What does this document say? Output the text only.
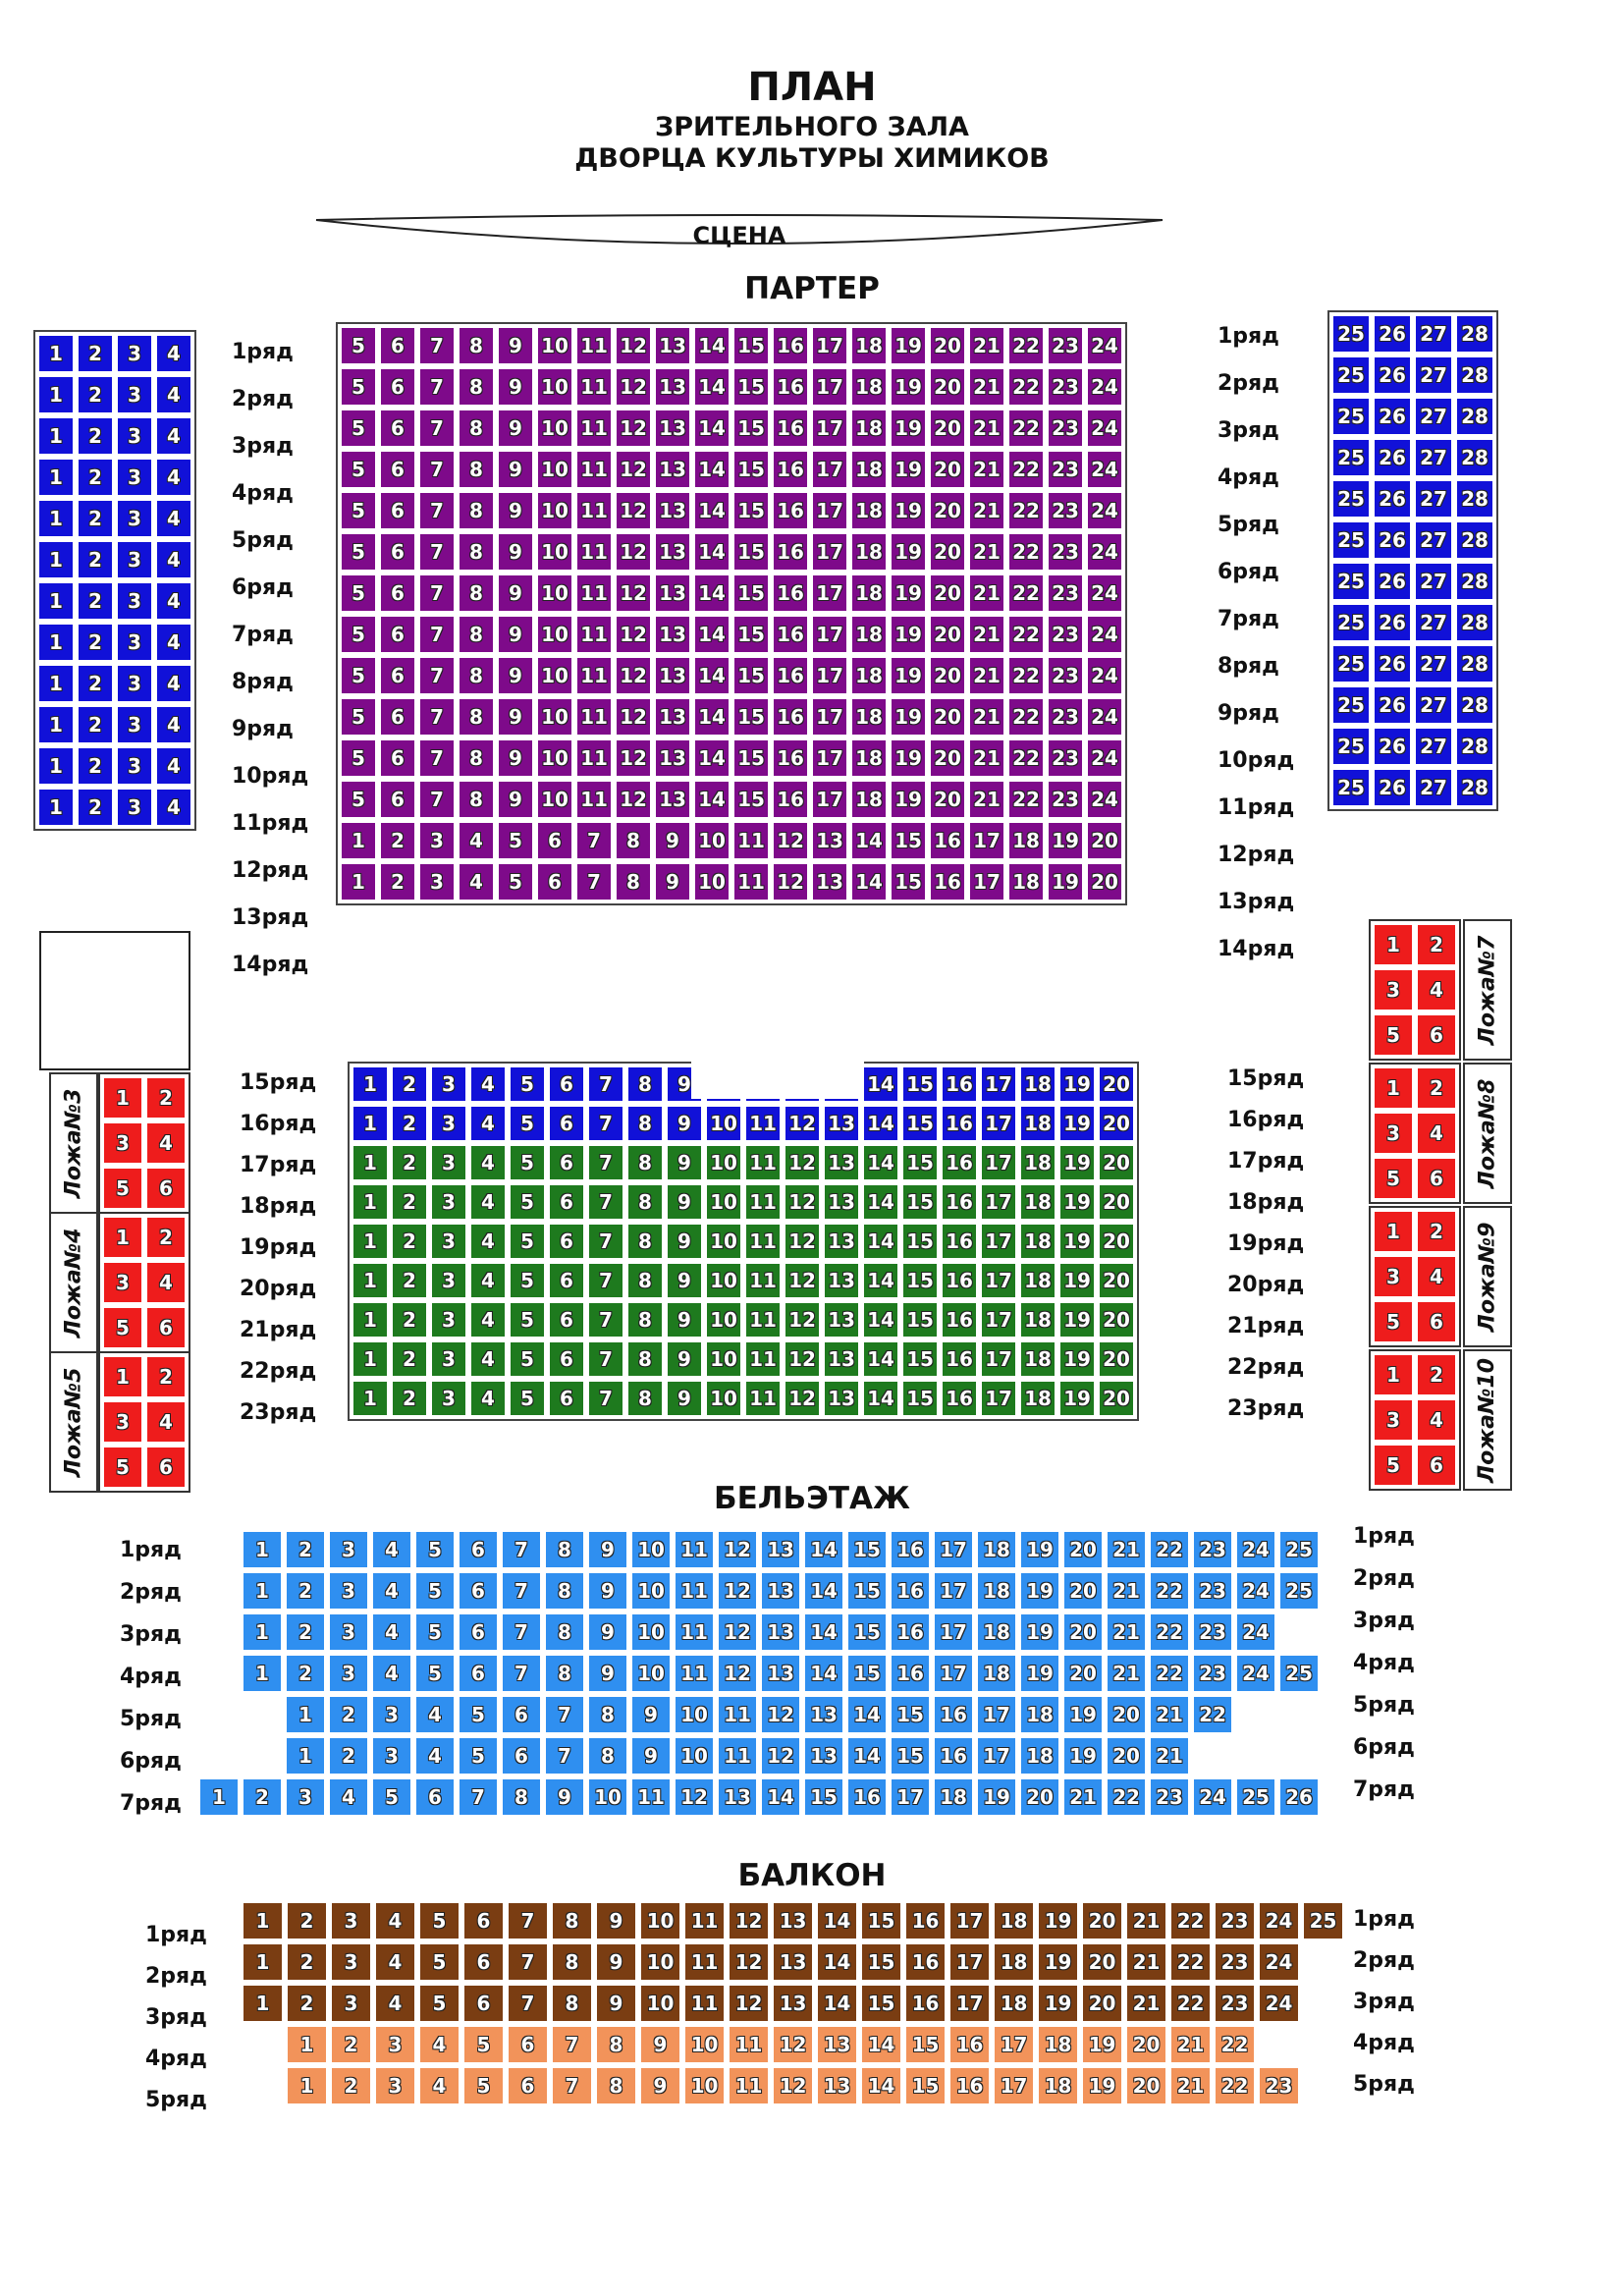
ПЛАН
ЗРИТЕЛЬНОГО ЗАЛА
ДВОРЦА КУЛЬТУРЫ ХИМИКОВ
СЦЕНА
ПАРТЕР
БЕЛЬЭТАЖ
БАЛКОН
1	2	3	4
1	2	3	4
1	2	3	4
1	2	3	4
1	2	3	4
1	2	3	4
1	2	3	4
1	2	3	4
1	2	3	4
1	2	3	4
1	2	3	4
1	2	3	4
25 26 27 28
25 26 27 28
25 26 27 28
25 26 27 28
25 26 27 28
25 26 27 28
25 26 27 28
25 26 27 28
25 26 27 28
25 26 27 28
25 26 27 28
25 26 27 28
5	6	7	8	9 10 11 12 13 14 15 16 17 18 19 20 21 22 23 24
5	6	7	8	9 10 11 12 13 14 15 16 17 18 19 20 21 22 23 24
5	6	7	8	9 10 11 12 13 14 15 16 17 18 19 20 21 22 23 24
5	6	7	8	9 10 11 12 13 14 15 16 17 18 19 20 21 22 23 24
5	6	7	8	9 10 11 12 13 14 15 16 17 18 19 20 21 22 23 24
5	6	7	8	9 10 11 12 13 14 15 16 17 18 19 20 21 22 23 24
5	6	7	8	9 10 11 12 13 14 15 16 17 18 19 20 21 22 23 24
5	6	7	8	9 10 11 12 13 14 15 16 17 18 19 20 21 22 23 24
5	6	7	8	9 10 11 12 13 14 15 16 17 18 19 20 21 22 23 24
5	6	7	8	9 10 11 12 13 14 15 16 17 18 19 20 21 22 23 24
5	6	7	8	9 10 11 12 13 14 15 16 17 18 19 20 21 22 23 24
5	6	7	8	9 10 11 12 13 14 15 16 17 18 19 20 21 22 23 24
1	2	3	4	5	6	7	8	9 10 11 12 13 14 15 16 17 18 19 20
1	2	3	4	5	6	7	8	9 10 11 12 13 14 15 16 17 18 19 20
1	2	3	4	5	6	7	8	9	14 15 16 17 18 19 20
1	2	3	4	5	6	7	8	9 10 11 12 13 14 15 16 17 18 19 20
1	2	3	4	5	6	7	8	9 10 11 12 13 14 15 16 17 18 19 20
1	2	3	4	5	6	7	8	9 10 11 12 13 14 15 16 17 18 19 20
1	2	3	4	5	6	7	8	9 10 11 12 13 14 15 16 17 18 19 20
1	2	3	4	5	6	7	8	9 10 11 12 13 14 15 16 17 18 19 20
1	2	3	4	5	6	7	8	9 10 11 12 13 14 15 16 17 18 19 20
1	2	3	4	5	6	7	8	9 10 11 12 13 14 15 16 17 18 19 20
1	2	3	4	5	6	7	8	9 10 11 12 13 14 15 16 17 18 19 20
1	2	3	4	5	6	7	8	9	10 11 12 13 14 15 16 17 18 19 20 21 22 23 24 25
1	2	3	4	5	6	7	8	9	10 11 12 13 14 15 16 17 18 19 20 21 22 23 24 25
1	2	3	4	5	6	7	8	9	10 11 12 13 14 15 16 17 18 19 20 21 22 23 24
1	2	3	4	5	6	7	8	9	10 11 12 13 14 15 16 17 18 19 20 21 22 23 24 25
1	2	3	4	5	6	7	8	9	10 11 12 13 14 15 16 17 18 19 20 21 22
1	2	3	4	5	6	7	8	9	10 11 12 13 14 15 16 17 18 19 20 21
1	2	3	4	5	6	7	8	9	10 11 12 13 14 15 16 17 18 19 20 21 22 23 24 25 26
1	2	3	4	5	6	7	8	9	10 11 12 13 14 15 16 17 18 19 20 21 22 23 24 25
1	2	3	4	5	6	7	8	9	10 11 12 13 14 15 16 17 18 19 20 21 22 23 24
1	2	3	4	5	6	7	8	9	10 11 12 13 14 15 16 17 18 19 20 21 22 23 24
1	2	3	4	5	6	7	8	9	10 11 12 13 14 15 16 17 18 19 20 21 22
1	2	3	4	5	6	7	8	9	10 11 12 13 14 15 16 17 18 19 20 21 22 23
Ложа№3	1	2
3	4
5	6
Ложа№4	1	2
3	4
5	6
Ложа№5	1	2
3	4
5	6
Ложа№7
1	2
3	4
5	6
Ложа№8
1	2
3	4
5	6
Ложа№9
1	2
3	4
5	6
Ложа№10
1	2
3	4
5	6
1ряд
2ряд
3ряд
4ряд
5ряд
6ряд
7ряд
8ряд
9ряд
10ряд
11ряд
12ряд
13ряд
14ряд
1ряд
2ряд
3ряд
4ряд
5ряд
6ряд
7ряд
8ряд
9ряд
10ряд
11ряд
12ряд
13ряд
14ряд
15ряд
16ряд
17ряд
18ряд
19ряд
20ряд
21ряд
22ряд
23ряд
15ряд
16ряд
17ряд
18ряд
19ряд
20ряд
21ряд
22ряд
23ряд
1ряд
2ряд
3ряд
4ряд
5ряд
6ряд
7ряд
1ряд
2ряд
3ряд
4ряд
5ряд
6ряд
7ряд
1ряд
2ряд
3ряд
4ряд
5ряд
1ряд
2ряд
3ряд
4ряд
5ряд
